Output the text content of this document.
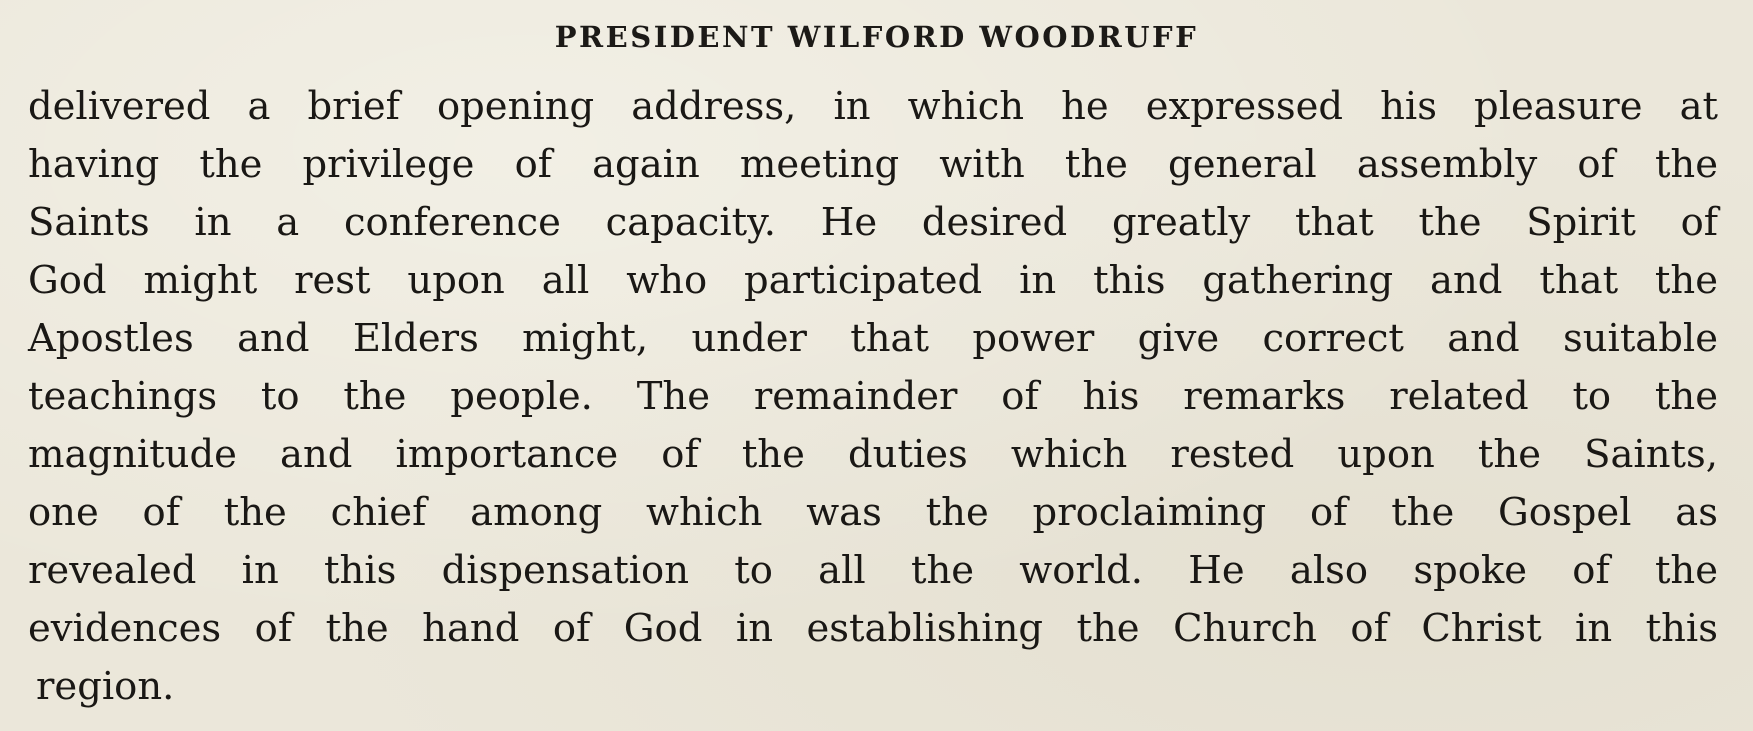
PRESIDENT WILFORD WOODRUFF
delivered a brief opening address, in which he expressed his pleasure at
having the privilege of again meeting with the general assembly of the
Saints in a conference capacity. He desired greatly that the Spirit of
God might rest upon all who participated in this gathering and that the
Apostles and Elders might, under that power give correct and suitable
teachings to the people. The remainder of his remarks related to the
magnitude and importance of the duties which rested upon the Saints,
one of the chief among which was the proclaiming of the Gospel as
revealed in this dispensation to all the world. He also spoke of the
evidences of the hand of God in establishing the Church of Christ in this
region.
